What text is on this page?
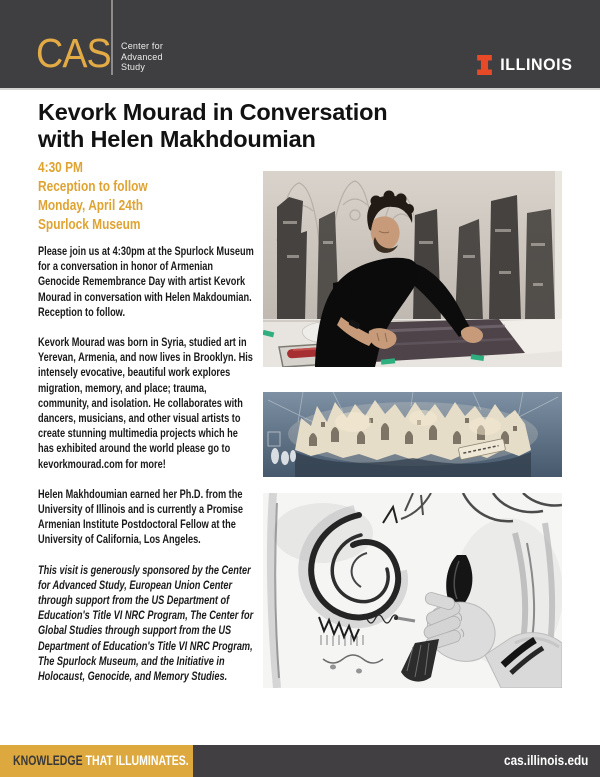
CAS Center for
Advanced
Study	ILLINOIS
Kevork Mourad in Conversation
with Helen Makhdoumian
4:30 PM
Reception to follow
Monday, April 24th
Spurlock Museum

Please join us at 4:30pm at the Spurlock Museum for a conversation in honor of Armenian Genocide Remembrance Day with artist Kevork Mourad in conversation with Helen Makdoumian. Reception to follow.

Kevork Mourad was born in Syria, studied art in Yerevan, Armenia, and now lives in Brooklyn. His intensely evocative, beautiful work explores migration, memory, and place; trauma, community, and isolation. He collaborates with dancers, musicians, and other visual artists to create stunning multimedia projects which he has exhibited around the world please go to kevorkmourad.com for more!

Helen Makhdoumian earned her Ph.D. from the University of Illinois and is currently a Promise Armenian Institute Postdoctoral Fellow at the University of California, Los Angeles.

This visit is generously sponsored by the Center for Advanced Study, European Union Center through support from the US Department of Education's Title VI NRC Program, The Center for Global Studies through support from the US Department of Education's Title VI NRC Program, The Spurlock Museum, and the Initiative in Holocaust, Genocide, and Memory Studies.

KNOWLEDGE THAT ILLUMINATES.	cas.illinois.edu
